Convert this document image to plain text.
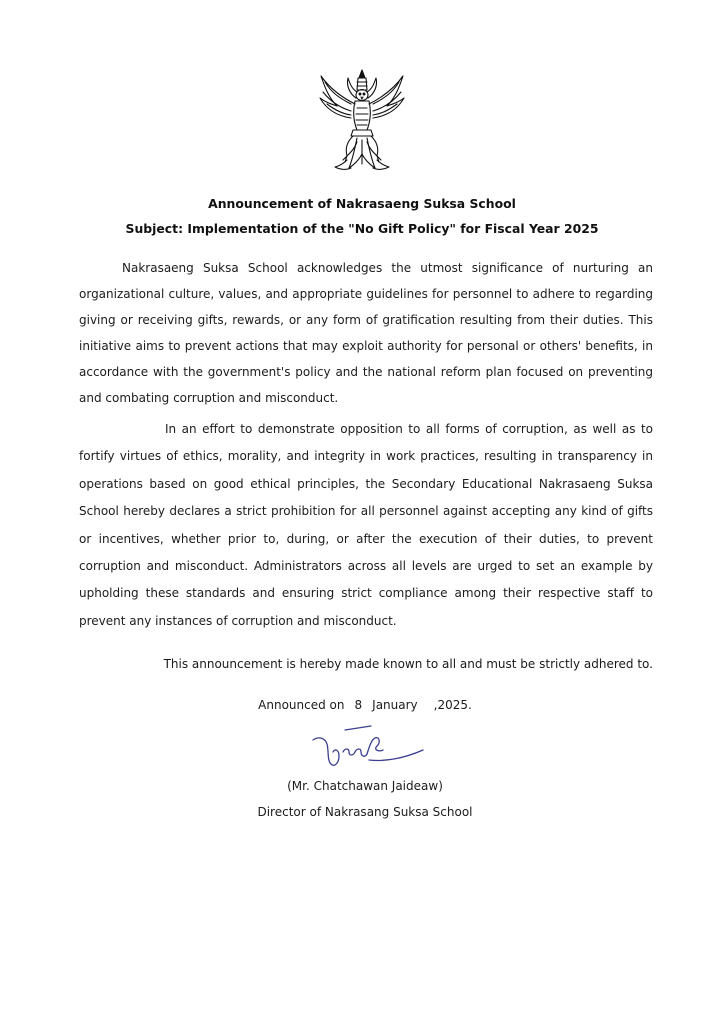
Announcement of Nakrasaeng Suksa School
Subject: Implementation of the "No Gift Policy" for Fiscal Year 2025
Nakrasaeng Suksa School acknowledges the utmost significance of nurturing an organizational culture, values, and appropriate guidelines for personnel to adhere to regarding giving or receiving gifts, rewards, or any form of gratification resulting from their duties. This initiative aims to prevent actions that may exploit authority for personal or others' benefits, in accordance with the government's policy and the national reform plan focused on preventing and combating corruption and misconduct.
In an effort to demonstrate opposition to all forms of corruption, as well as to fortify virtues of ethics, morality, and integrity in work practices, resulting in transparency in operations based on good ethical principles, the Secondary Educational Nakrasaeng Suksa School hereby declares a strict prohibition for all personnel against accepting any kind of gifts or incentives, whether prior to, during, or after the execution of their duties, to prevent corruption and misconduct. Administrators across all levels are urged to set an example by upholding these standards and ensuring strict compliance among their respective staff to prevent any instances of corruption and misconduct.
This announcement is hereby made known to all and must be strictly adhered to.
Announced on 8 January ,2025.
(Mr. Chatchawan Jaideaw)
Director of Nakrasang Suksa School
